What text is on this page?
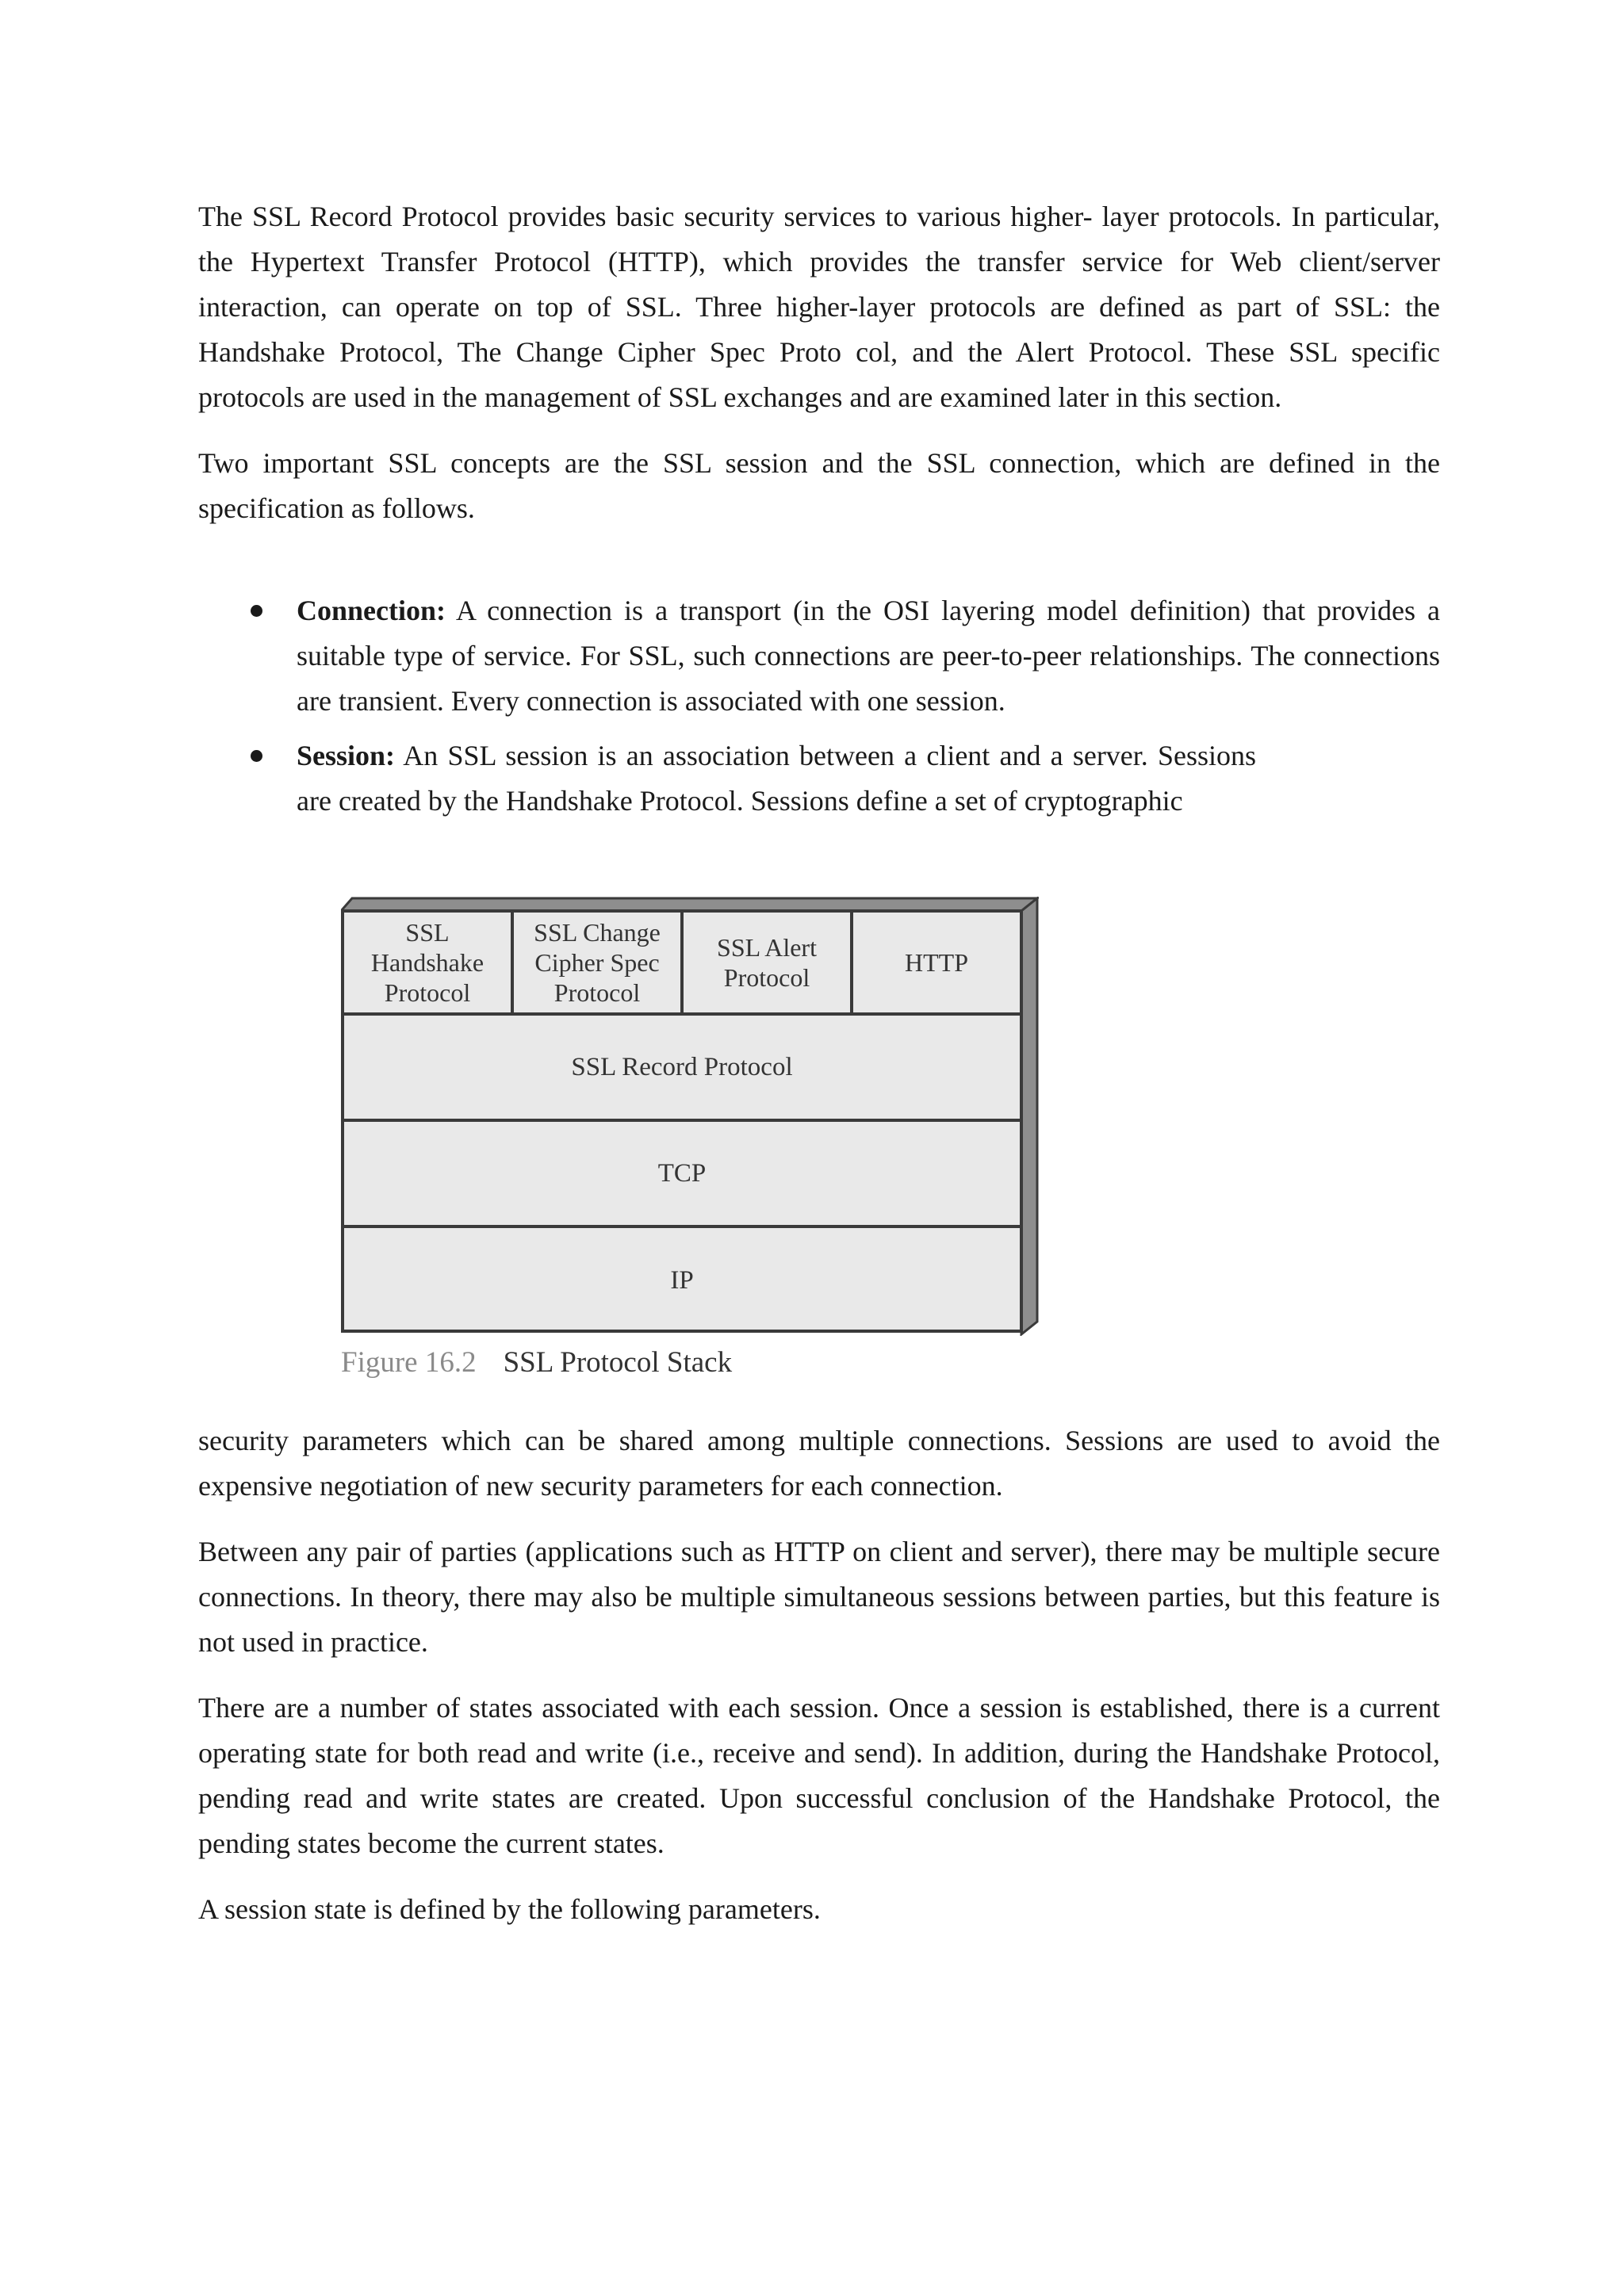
The SSL Record Protocol provides basic security services to various higher- layer protocols. In particular, the Hypertext Transfer Protocol (HTTP), which provides the transfer service for Web client/server interaction, can operate on top of SSL. Three higher-layer protocols are defined as part of SSL: the Handshake Protocol, The Change Cipher Spec Proto col, and the Alert Protocol. These SSL specific protocols are used in the management of SSL exchanges and are examined later in this section.

Two important SSL concepts are the SSL session and the SSL connection, which are defined in the specification as follows.

Connection: A connection is a transport (in the OSI layering model definition) that provides a suitable type of service. For SSL, such connections are peer-to-peer relationships. The connections are transient. Every connection is associated with one session.
Session: An SSL session is an association between a client and a server. Sessions are created by the Handshake Protocol. Sessions define a set of cryptographic
SSL
Handshake
Protocol
SSL Change
Cipher Spec
Protocol
SSL Alert
Protocol
HTTP
SSL Record Protocol
TCP
IP
Figure 16.2 SSL Protocol Stack

security parameters which can be shared among multiple connections. Sessions are used to avoid the expensive negotiation of new security parameters for each connection.

Between any pair of parties (applications such as HTTP on client and server), there may be multiple secure connections. In theory, there may also be multiple simultaneous sessions between parties, but this feature is not used in practice.

There are a number of states associated with each session. Once a session is established, there is a current operating state for both read and write (i.e., receive and send). In addition, during the Handshake Protocol, pending read and write states are created. Upon successful conclusion of the Handshake Protocol, the pending states become the current states.

A session state is defined by the following parameters.
